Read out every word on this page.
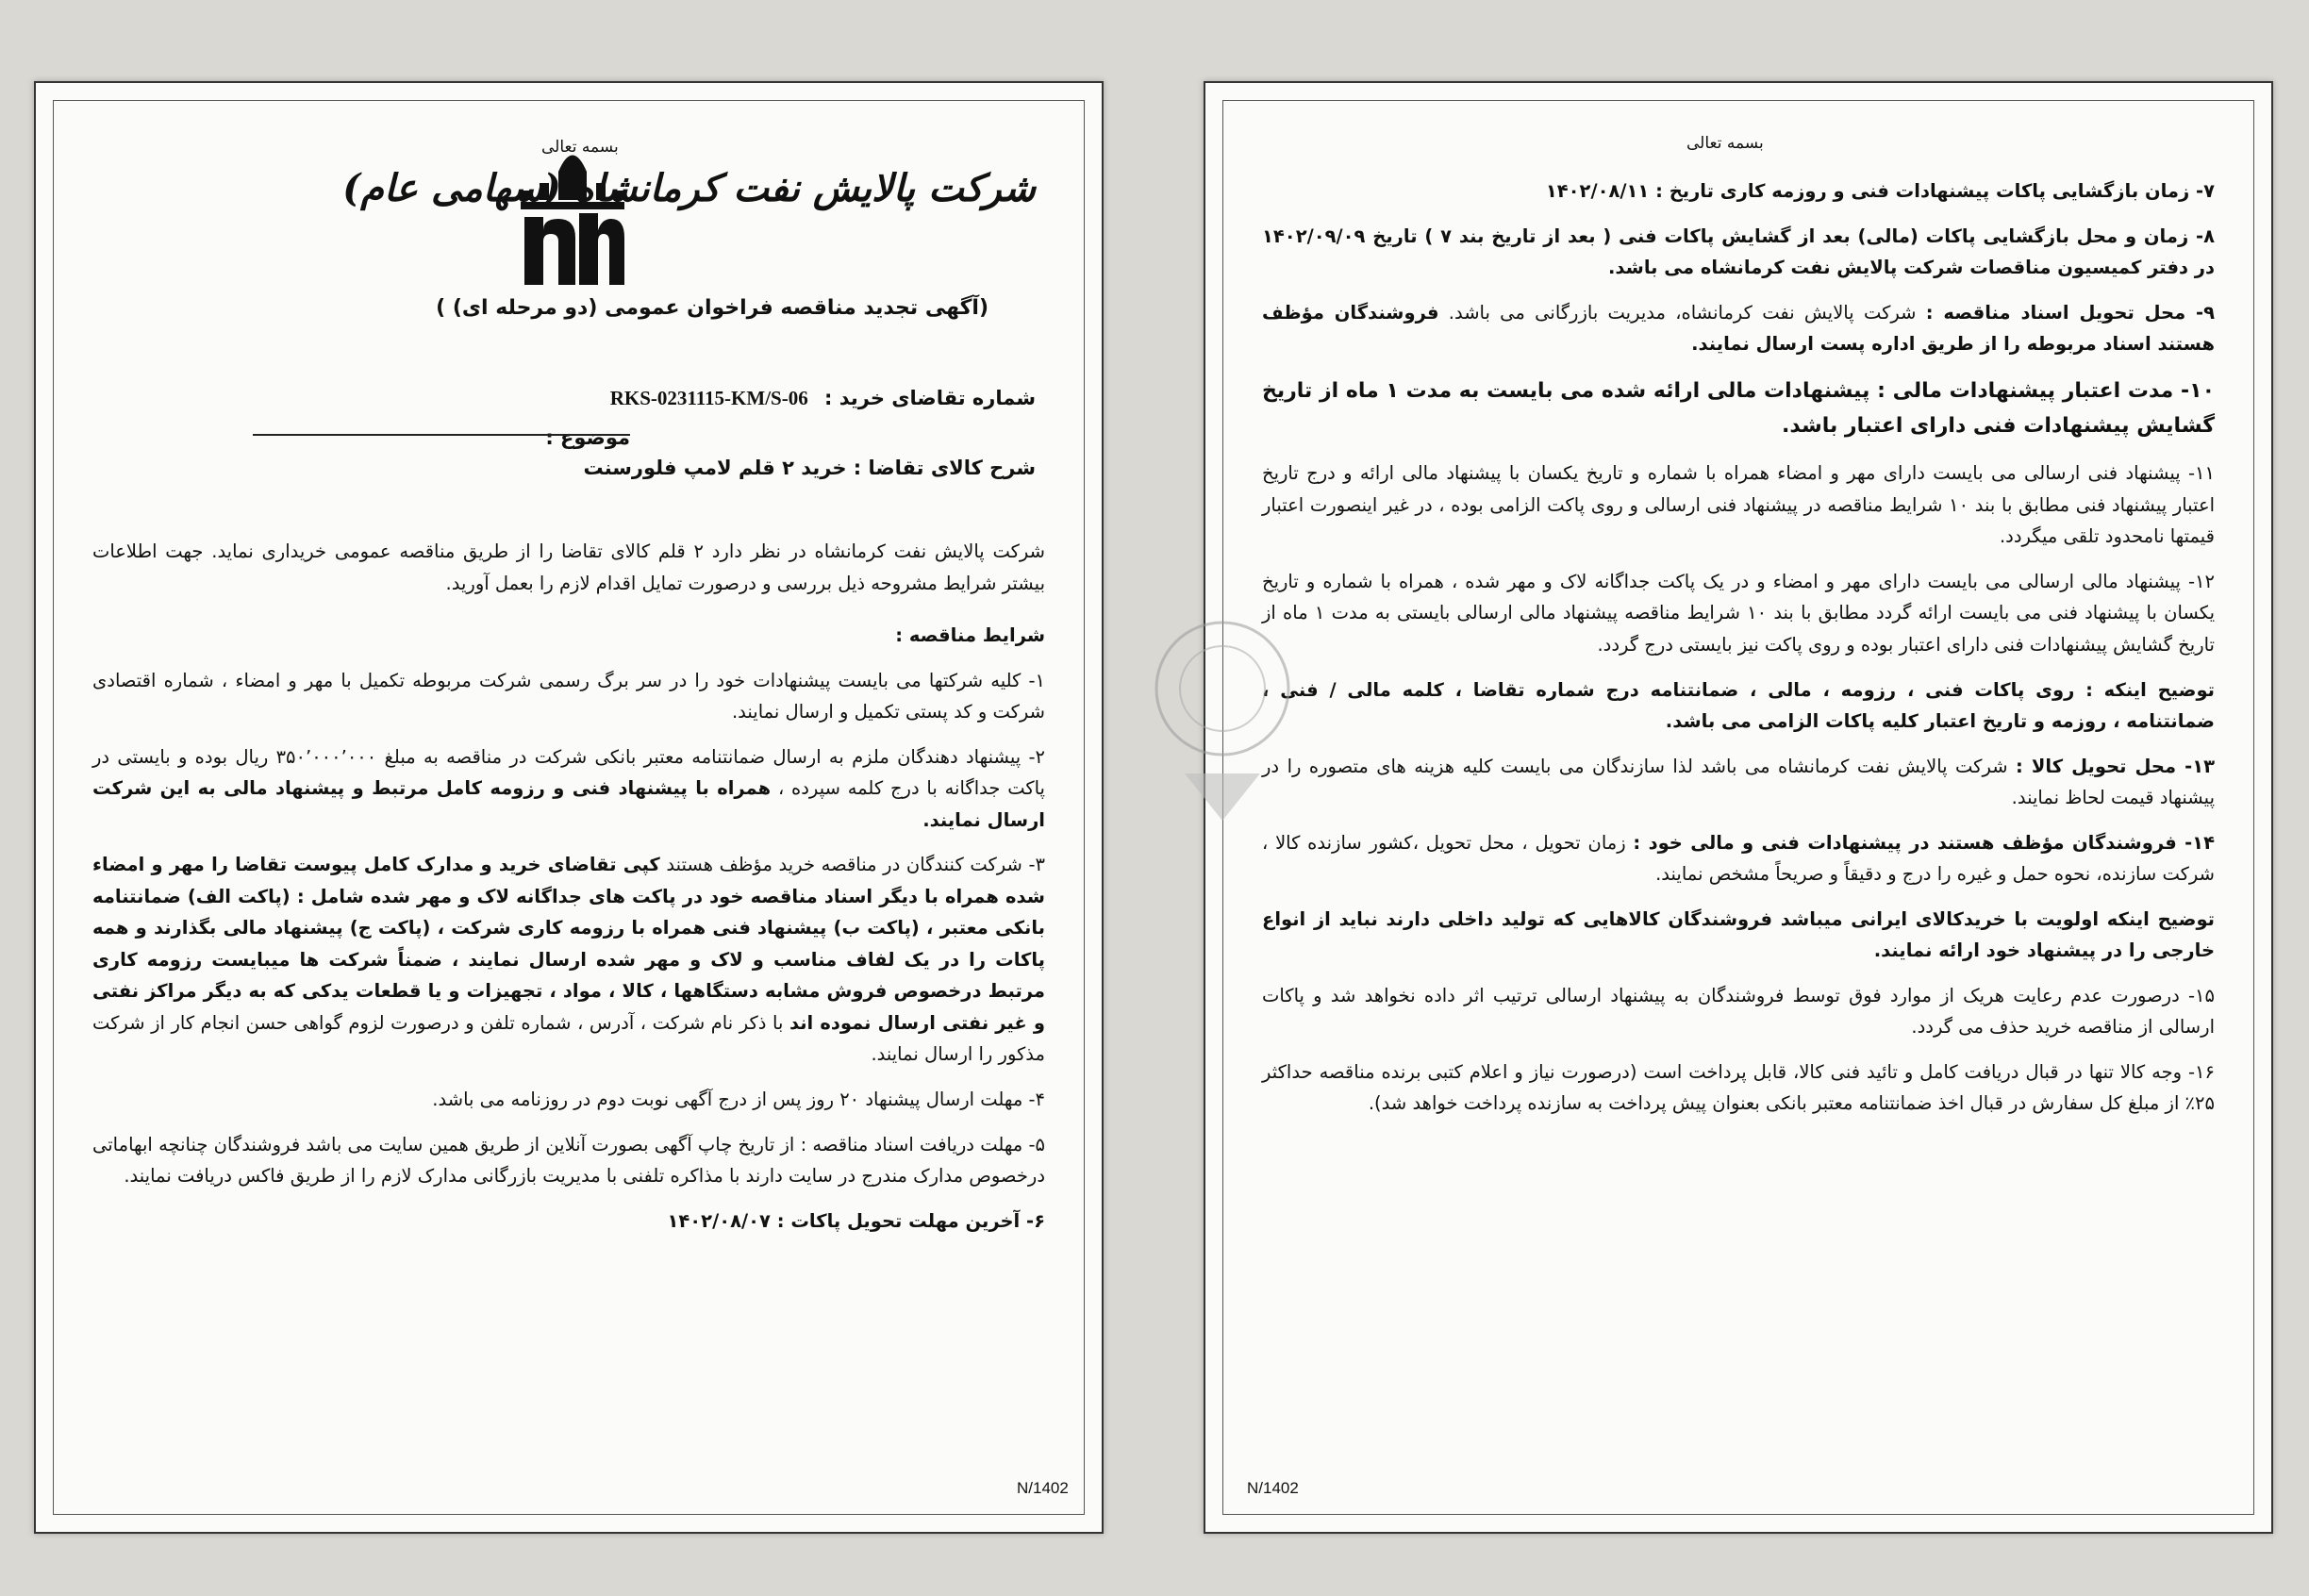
بسمه تعالی
شرکت پالایش نفت کرمانشاه (سهامی عام)
(آگهی تجدید مناقصه فراخوان عمومی (دو مرحله ای) )
شماره تقاضای خرید : RKS-0231115-KM/S-06
موضوع :
شرح کالای تقاضا : خرید ۲ قلم لامپ فلورسنت

شرکت پالایش نفت کرمانشاه در نظر دارد ۲ قلم کالای تقاضا را از طریق مناقصه عمومی خریداری نماید. جهت اطلاعات بیشتر شرایط مشروحه ذیل بررسی و درصورت تمایل اقدام لازم را بعمل آورید.

شرایط مناقصه :

۱- کلیه شرکتها می بایست پیشنهادات خود را در سر برگ رسمی شرکت مربوطه تکمیل با مهر و امضاء ، شماره اقتصادی شرکت و کد پستی تکمیل و ارسال نمایند.

۲- پیشنهاد دهندگان ملزم به ارسال ضمانتنامه معتبر بانکی شرکت در مناقصه به مبلغ ۳۵۰٬۰۰۰٬۰۰۰ ریال بوده و بایستی در پاکت جداگانه با درج کلمه سپرده ، همراه با پیشنهاد فنی و رزومه کامل مرتبط و پیشنهاد مالی به این شرکت ارسال نمایند.

۳- شرکت کنندگان در مناقصه خرید مؤظف هستند کپی تقاضای خرید و مدارک کامل پیوست تقاضا را مهر و امضاء شده همراه با دیگر اسناد مناقصه خود در پاکت های جداگانه لاک و مهر شده شامل : (پاکت الف) ضمانتنامه بانکی معتبر ، (پاکت ب) پیشنهاد فنی همراه با رزومه کاری شرکت ، (پاکت ج) پیشنهاد مالی بگذارند و همه پاکات را در یک لفاف مناسب و لاک و مهر شده ارسال نمایند ، ضمناً شرکت ها میبایست رزومه کاری مرتبط درخصوص فروش مشابه دستگاهها ، کالا ، مواد ، تجهیزات و یا قطعات یدکی که به دیگر مراکز نفتی و غیر نفتی ارسال نموده اند با ذکر نام شرکت ، آدرس ، شماره تلفن و درصورت لزوم گواهی حسن انجام کار از شرکت مذکور را ارسال نمایند.

۴- مهلت ارسال پیشنهاد ۲۰ روز پس از درج آگهی نوبت دوم در روزنامه می باشد.

۵- مهلت دریافت اسناد مناقصه : از تاریخ چاپ آگهی بصورت آنلاین از طریق همین سایت می باشد فروشندگان چنانچه ابهاماتی درخصوص مدارک مندرج در سایت دارند با مذاکره تلفنی با مدیریت بازرگانی مدارک لازم را از طریق فاکس دریافت نمایند.

۶- آخرین مهلت تحویل پاکات : ۱۴۰۲/۰۸/۰۷

N/1402
بسمه تعالی

۷- زمان بازگشایی پاکات پیشنهادات فنی و روزمه کاری تاریخ : ۱۴۰۲/۰۸/۱۱

۸- زمان و محل بازگشایی پاکات (مالی) بعد از گشایش پاکات فنی ( بعد از تاریخ بند ۷ ) تاریخ ۱۴۰۲/۰۹/۰۹ در دفتر کمیسیون مناقصات شرکت پالایش نفت کرمانشاه می باشد.

۹- محل تحویل اسناد مناقصه : شرکت پالایش نفت کرمانشاه، مدیریت بازرگانی می باشد. فروشندگان مؤظف هستند اسناد مربوطه را از طریق اداره پست ارسال نمایند.

۱۰- مدت اعتبار پیشنهادات مالی : پیشنهادات مالی ارائه شده می بایست به مدت ۱ ماه از تاریخ گشایش پیشنهادات فنی دارای اعتبار باشد.

۱۱- پیشنهاد فنی ارسالی می بایست دارای مهر و امضاء همراه با شماره و تاریخ یکسان با پیشنهاد مالی ارائه و درج تاریخ اعتبار پیشنهاد فنی مطابق با بند ۱۰ شرایط مناقصه در پیشنهاد فنی ارسالی و روی پاکت الزامی بوده ، در غیر اینصورت اعتبار قیمتها نامحدود تلقی میگردد.

۱۲- پیشنهاد مالی ارسالی می بایست دارای مهر و امضاء و در یک پاکت جداگانه لاک و مهر شده ، همراه با شماره و تاریخ یکسان با پیشنهاد فنی می بایست ارائه گردد مطابق با بند ۱۰ شرایط مناقصه پیشنهاد مالی ارسالی بایستی به مدت ۱ ماه از تاریخ گشایش پیشنهادات فنی دارای اعتبار بوده و روی پاکت نیز بایستی درج گردد.

توضیح اینکه : روی پاکات فنی ، رزومه ، مالی ، ضمانتنامه درج شماره تقاضا ، کلمه مالی / فنی ، ضمانتنامه ، روزمه و تاریخ اعتبار کلیه پاکات الزامی می باشد.

۱۳- محل تحویل کالا : شرکت پالایش نفت کرمانشاه می باشد لذا سازندگان می بایست کلیه هزینه های متصوره را در پیشنهاد قیمت لحاظ نمایند.

۱۴- فروشندگان مؤظف هستند در پیشنهادات فنی و مالی خود : زمان تحویل ، محل تحویل ،کشور سازنده کالا ، شرکت سازنده، نحوه حمل و غیره را درج و دقیقاً و صریحاً مشخص نمایند.

توضیح اینکه اولویت با خریدکالای ایرانی میباشد فروشندگان کالاهایی که تولید داخلی دارند نباید از انواع خارجی را در پیشنهاد خود ارائه نمایند.

۱۵- درصورت عدم رعایت هریک از موارد فوق توسط فروشندگان به پیشنهاد ارسالی ترتیب اثر داده نخواهد شد و پاکات ارسالی از مناقصه خرید حذف می گردد.

۱۶- وجه کالا تنها در قبال دریافت کامل و تائید فنی کالا، قابل پرداخت است (درصورت نیاز و اعلام کتبی برنده مناقصه حداکثر ۲۵٪ از مبلغ کل سفارش در قبال اخذ ضمانتنامه معتبر بانکی بعنوان پیش پرداخت به سازنده پرداخت خواهد شد).

N/1402
